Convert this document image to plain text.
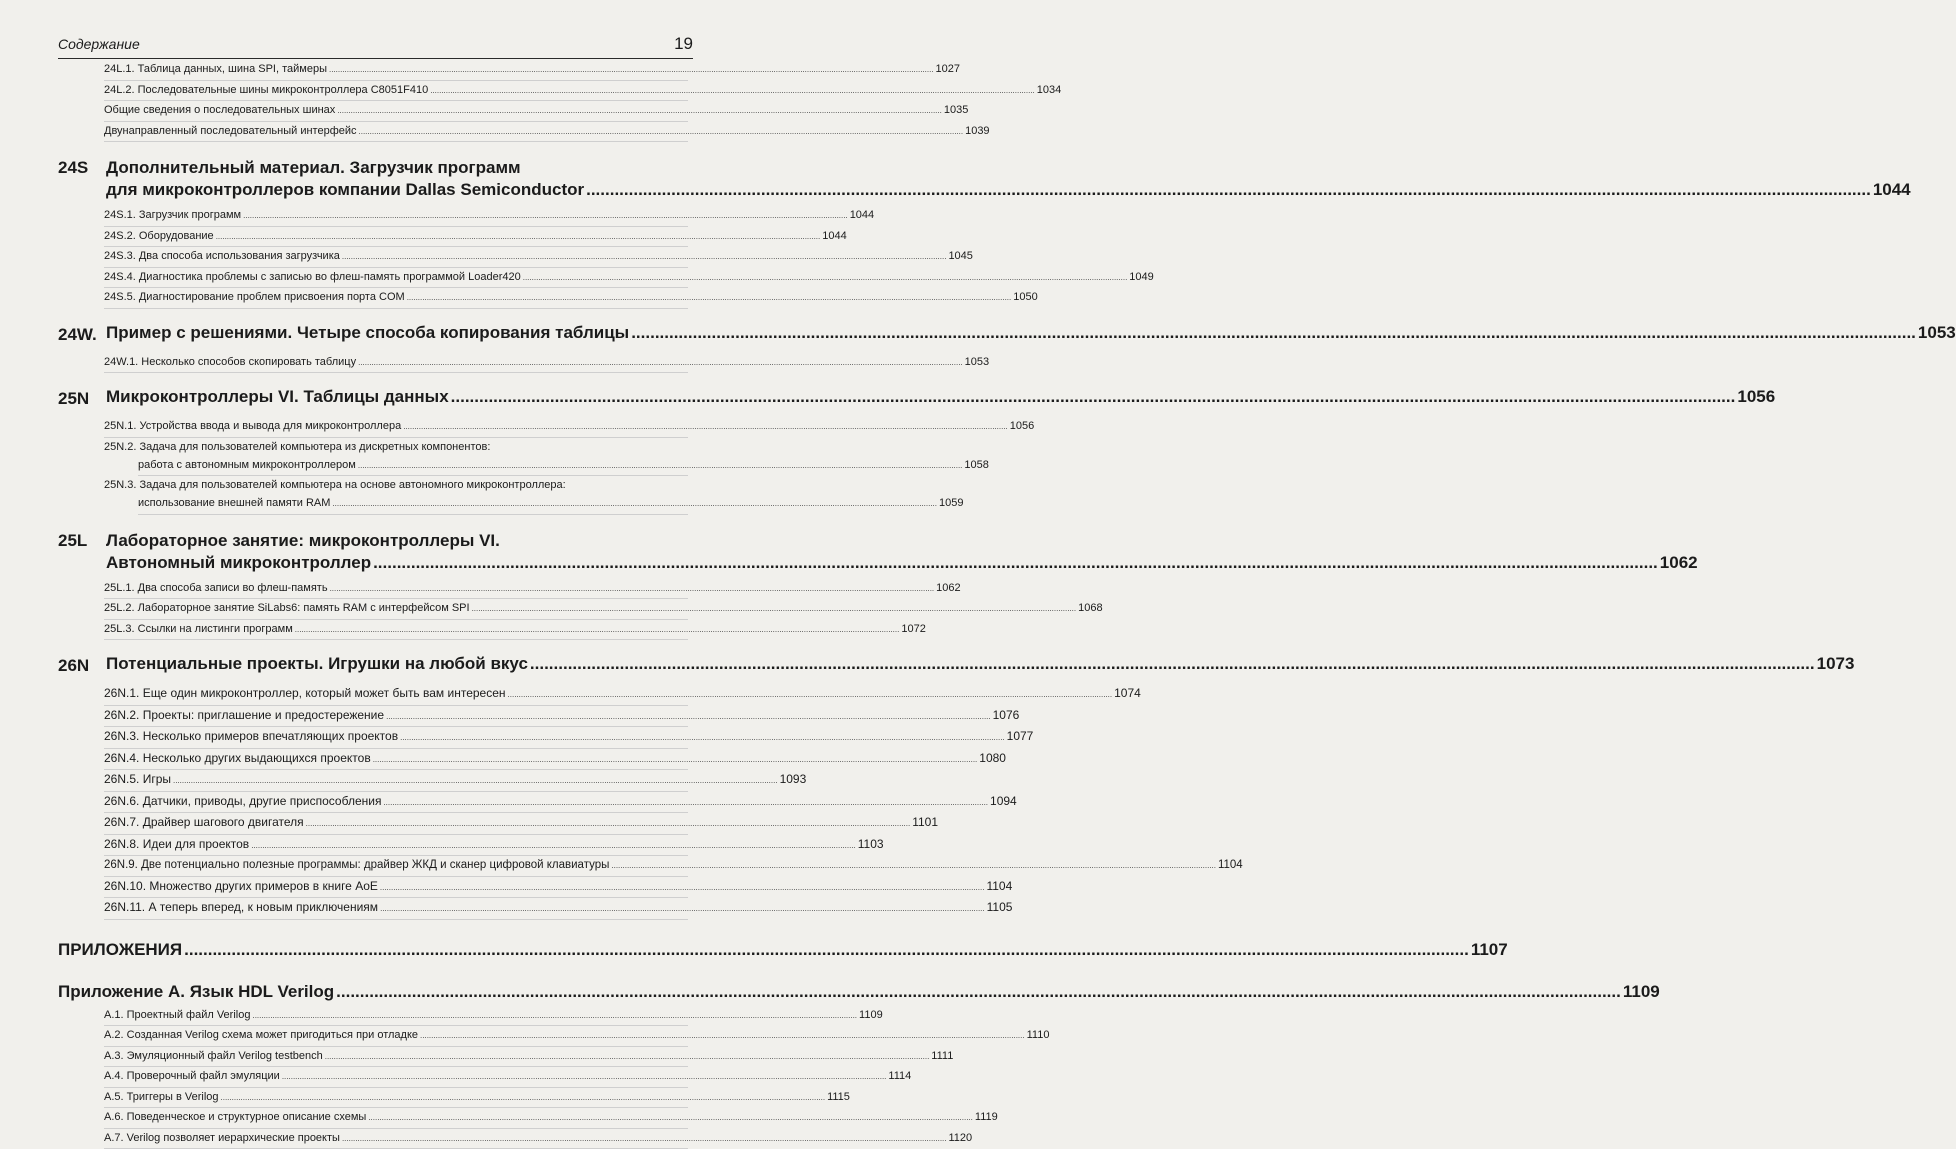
Содержание	19
24L.1. Таблица данных, шина SPI, таймеры .....	1027
24L.2. Последовательные шины микроконтроллера C8051F410 .....	1034
Общие сведения о последовательных шинах .....	1035
Двунаправленный последовательный интерфейс .....	1039
24S	Дополнительный материал. Загрузчик программ
для микроконтроллеров компании Dallas Semiconductor .....	1044
24S.1. Загрузчик программ .....	1044
24S.2. Оборудование .....	1044
24S.3. Два способа использования загрузчика .....	1045
24S.4. Диагностика проблемы с записью во флеш-память программой Loader420 .....	1049
24S.5. Диагностирование проблем присвоения порта COM .....	1050
24W. Пример с решениями. Четыре способа копирования таблицы .....	1053
24W.1. Несколько способов скопировать таблицу .....	1053
25N Микроконтроллеры VI. Таблицы данных .....	1056
25N.1. Устройства ввода и вывода для микроконтроллера .....	1056
25N.2. Задача для пользователей компьютера из дискретных компонентов:
работа с автономным микроконтроллером .....	1058
25N.3. Задача для пользователей компьютера на основе автономного микроконтроллера:
использование внешней памяти RAM .....	1059
25L	Лабораторное занятие: микроконтроллеры VI.
Автономный микроконтроллер .....	1062
25L.1. Два способа записи во флеш-память .....	1062
25L.2. Лабораторное занятие SiLabs6: память RAM с интерфейсом SPI .....	1068
25L.3. Ссылки на листинги программ .....	1072
26N Потенциальные проекты. Игрушки на любой вкус .....	1073
26N.1. Еще один микроконтроллер, который может быть вам интересен .....	1074
26N.2. Проекты: приглашение и предостережение .....	1076
26N.3. Несколько примеров впечатляющих проектов .....	1077
26N.4. Несколько других выдающихся проектов .....	1080
26N.5. Игры .....	1093
26N.6. Датчики, приводы, другие приспособления .....	1094
26N.7. Драйвер шагового двигателя .....	1101
26N.8. Идеи для проектов .....	1103
26N.9. Две потенциально полезные программы: драйвер ЖКД и сканер цифровой клавиатуры .....	1104
26N.10. Множество других примеров в книге AoE .....	1104
26N.11. А теперь вперед, к новым приключениям .....	1105
ПРИЛОЖЕНИЯ .....	1107
Приложение А. Язык HDL Verilog .....	1109
A.1. Проектный файл Verilog .....	1109
A.2. Созданная Verilog схема может пригодиться при отладке .....	1110
A.3. Эмуляционный файл Verilog testbench .....	1111
A.4. Проверочный файл эмуляции .....	1114
A.5. Триггеры в Verilog .....	1115
A.6. Поведенческое и структурное описание схемы .....	1119
A.7. Verilog позволяет иерархические проекты .....	1120
